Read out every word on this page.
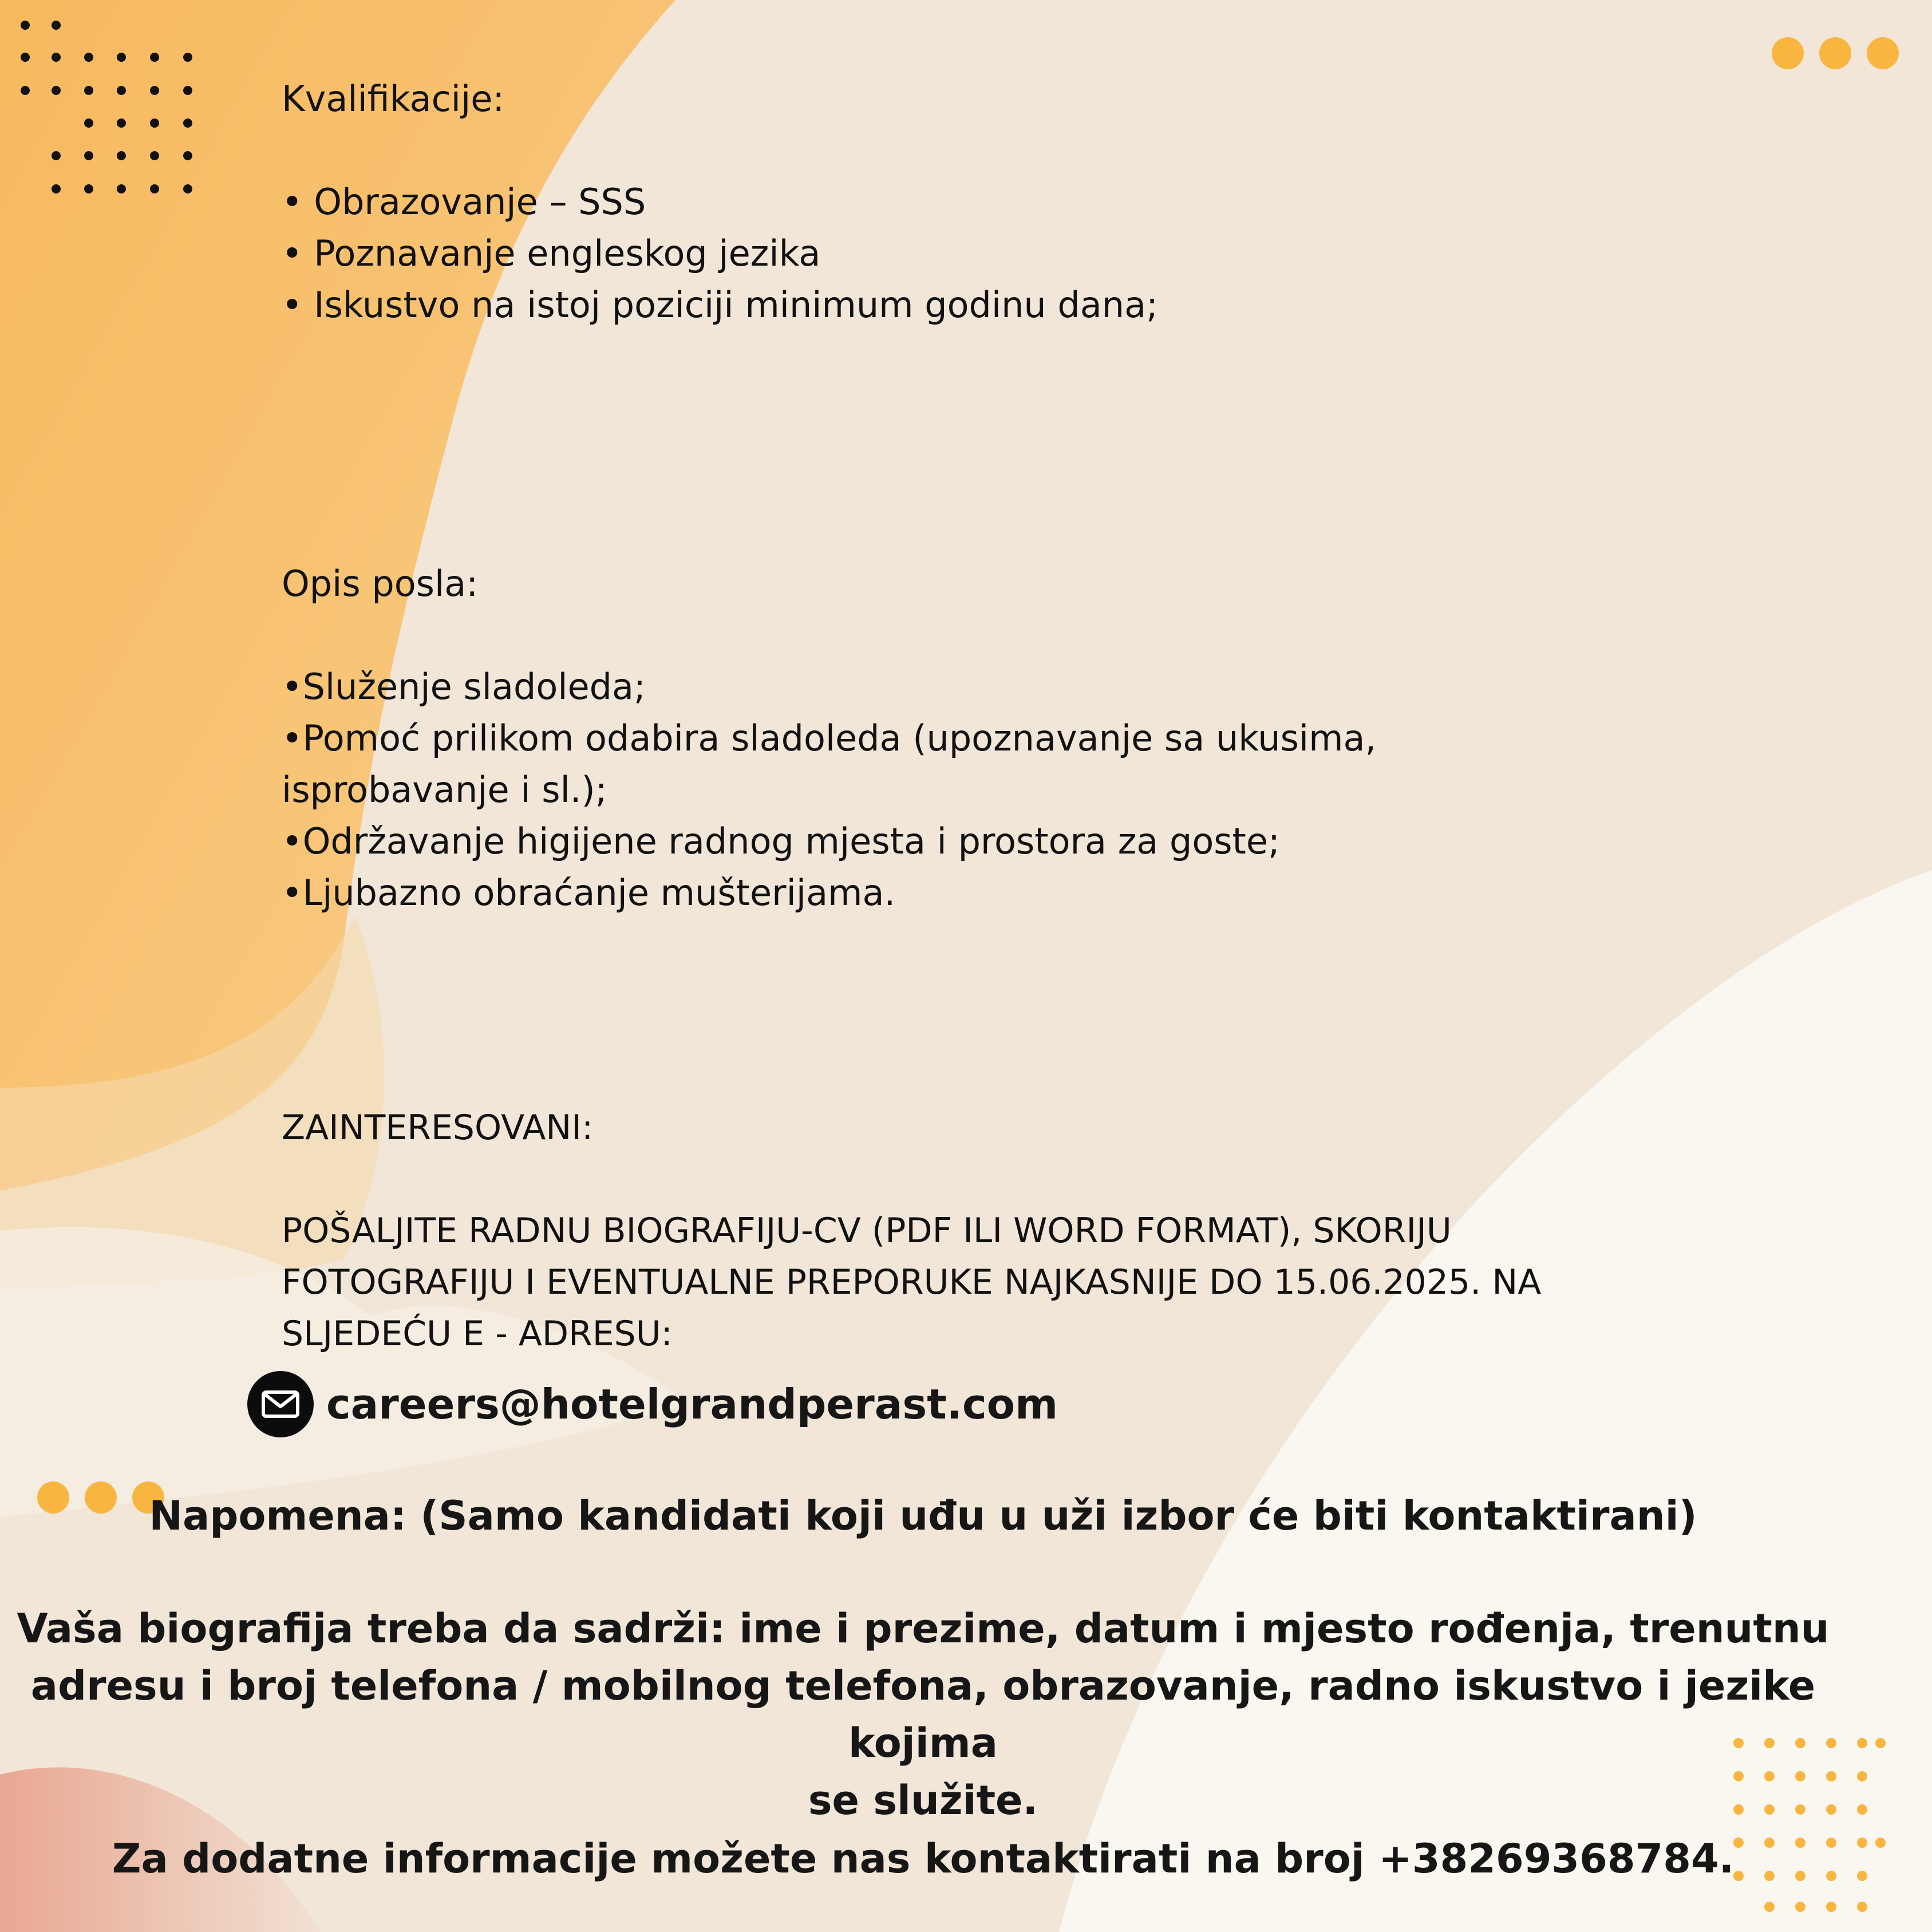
Kvalifikacije:

• Obrazovanje – SSS

• Poznavanje engleskog jezika

• Iskustvo na istoj poziciji minimum godinu dana;

Opis posla:

•Služenje sladoleda;

•Pomoć prilikom odabira sladoleda (upoznavanje sa ukusima,

isprobavanje i sl.);

•Održavanje higijene radnog mjesta i prostora za goste;

•Ljubazno obraćanje mušterijama.

ZAINTERESOVANI:

POŠALJITE RADNU BIOGRAFIJU-CV (PDF ILI WORD FORMAT), SKORIJU

FOTOGRAFIJU I EVENTUALNE PREPORUKE NAJKASNIJE DO 15.06.2025. NA

SLJEDEĆU E - ADRESU:

careers@hotelgrandperast.com
Napomena: (Samo kandidati koji uđu u uži izbor će biti kontaktirani)
Vaša biografija treba da sadrži: ime i prezime, datum i mjesto rođenja, trenutnu
adresu i broj telefona / mobilnog telefona, obrazovanje, radno iskustvo i jezike kojima
se služite.
Za dodatne informacije možete nas kontaktirati na broj +38269368784.
